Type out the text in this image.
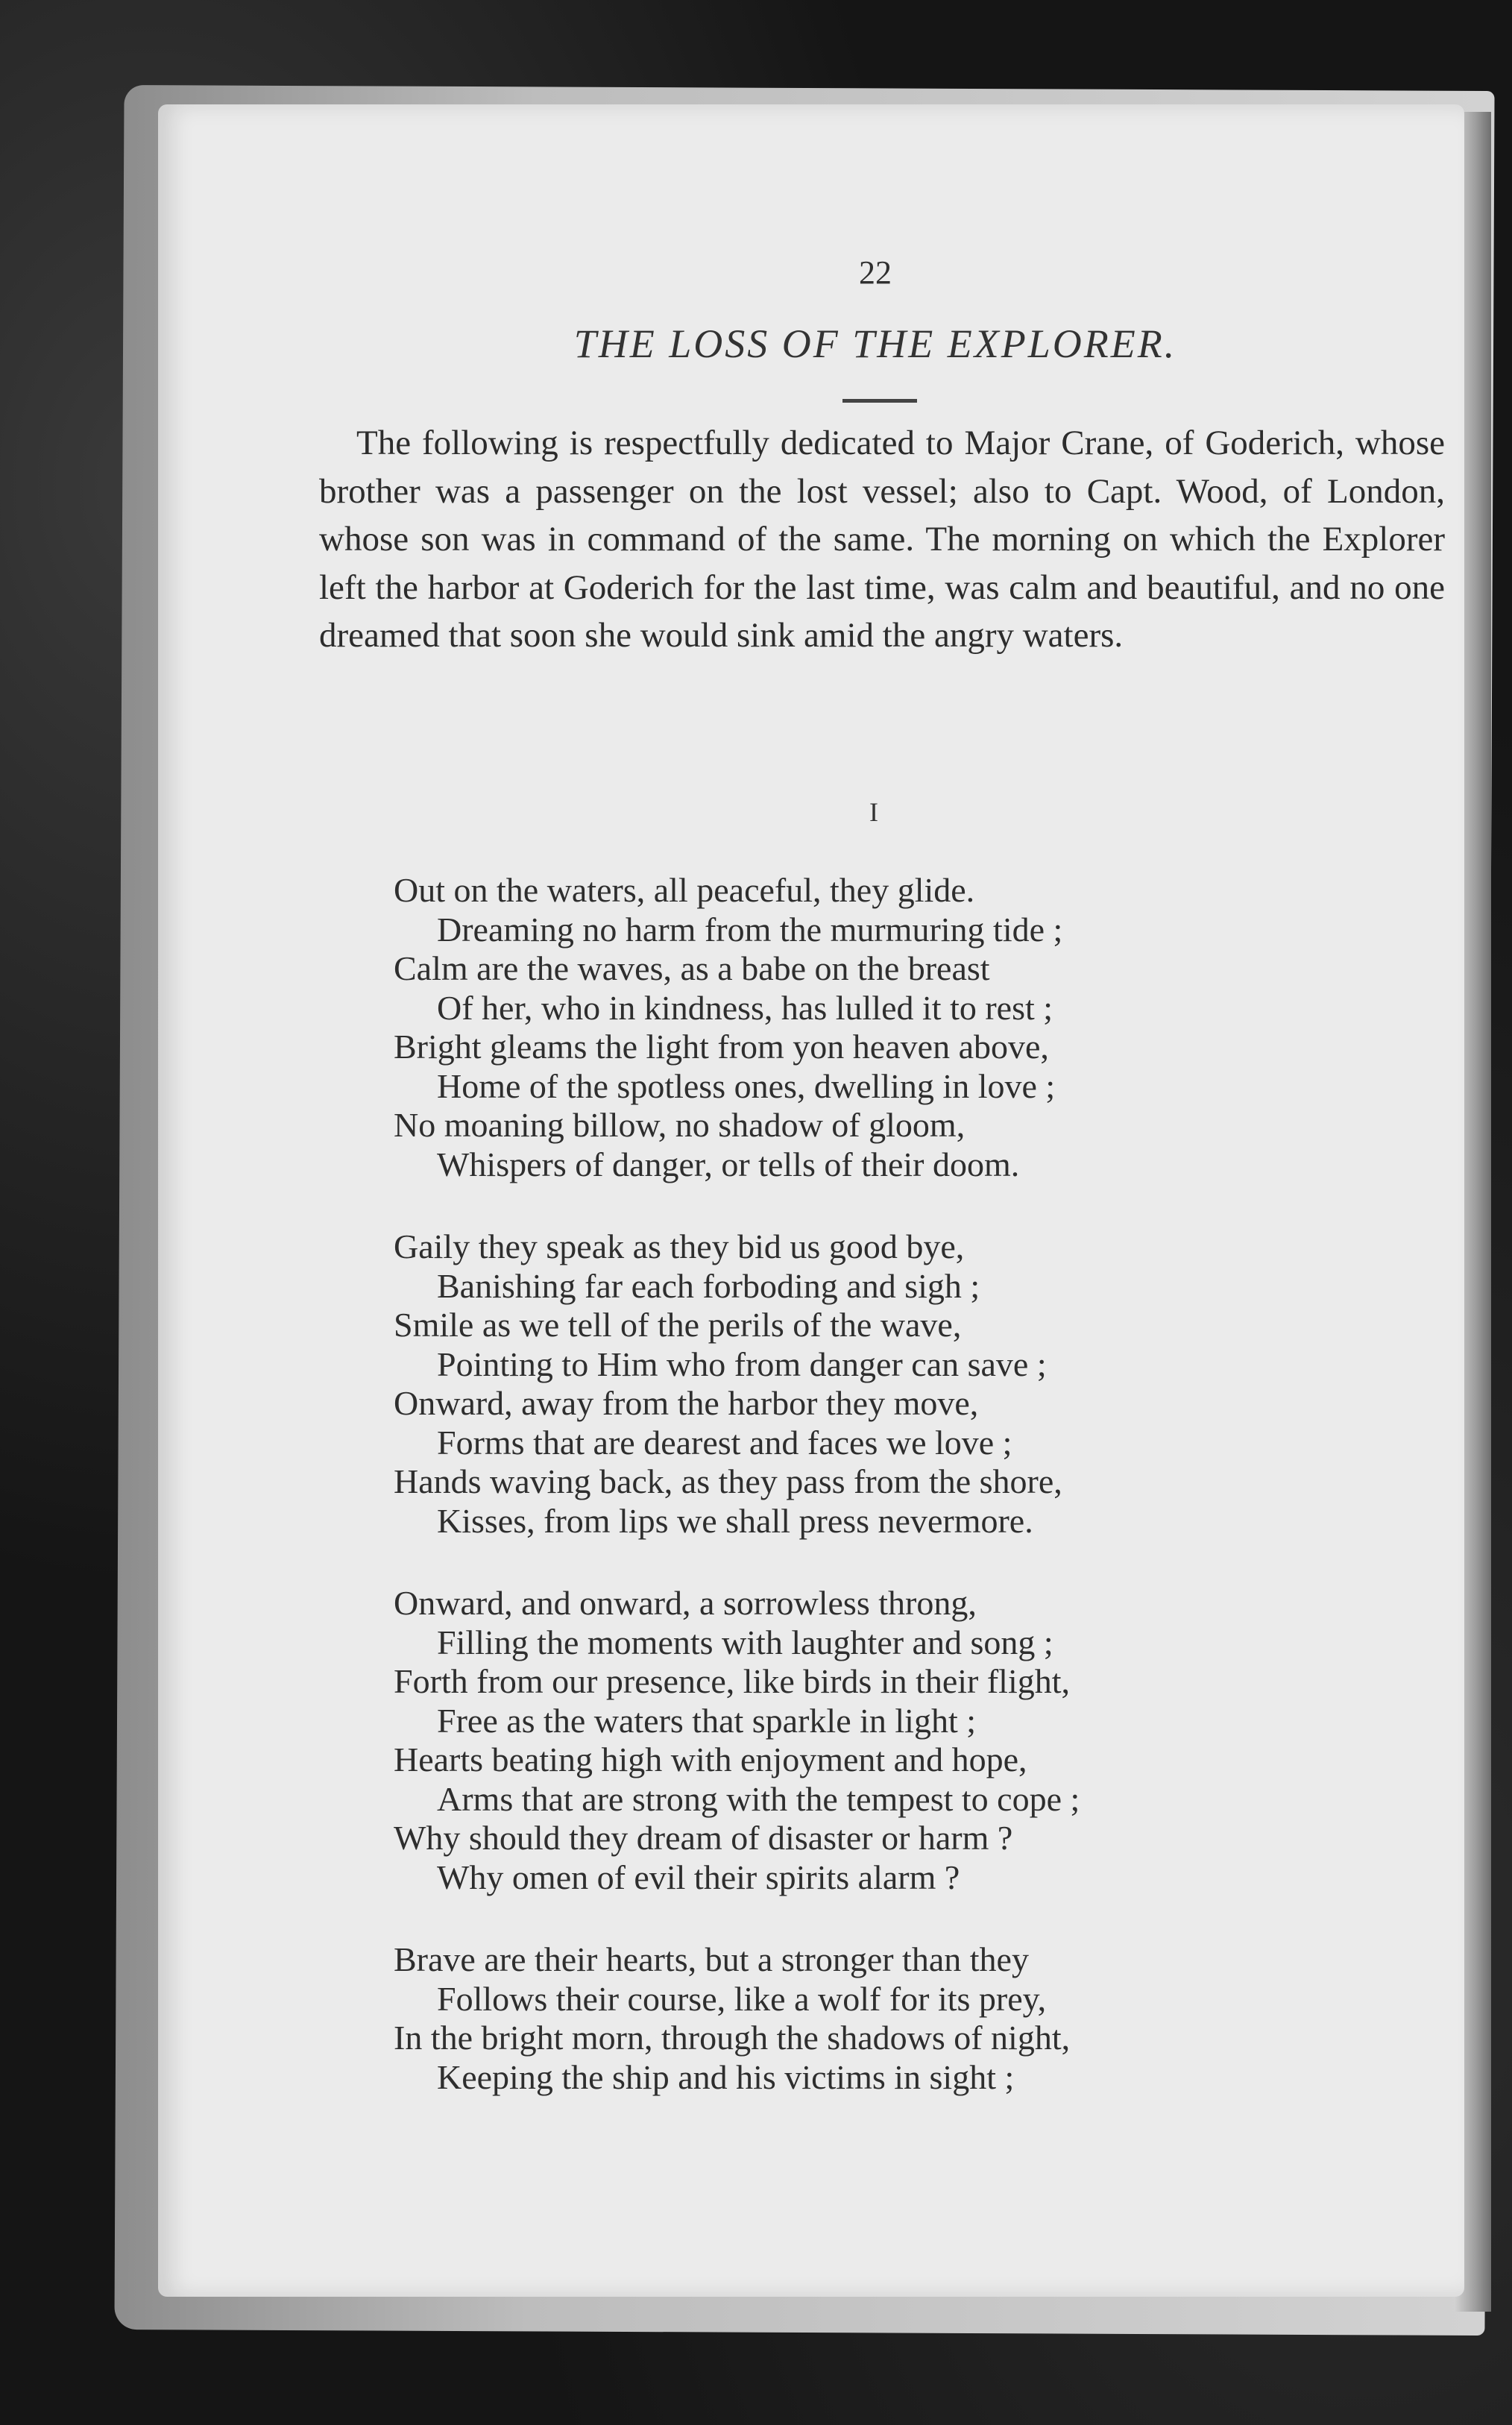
22
THE LOSS OF THE EXPLORER.

The following is respectfully dedicated to Major Crane, of Goderich, whose brother was a passenger on the lost vessel; also to Capt. Wood, of London, whose son was in command of the same. The morning on which the Explorer left the harbor at Goderich for the last time, was calm and beautiful, and no one dreamed that soon she would sink amid the angry waters.

I
Out on the waters, all peaceful, they glide.
Dreaming no harm from the murmuring tide ;
Calm are the waves, as a babe on the breast
Of her, who in kindness, has lulled it to rest ;
Bright gleams the light from yon heaven above,
Home of the spotless ones, dwelling in love ;
No moaning billow, no shadow of gloom,
Whispers of danger, or tells of their doom.
Gaily they speak as they bid us good bye,
Banishing far each forboding and sigh ;
Smile as we tell of the perils of the wave,
Pointing to Him who from danger can save ;
Onward, away from the harbor they move,
Forms that are dearest and faces we love ;
Hands waving back, as they pass from the shore,
Kisses, from lips we shall press nevermore.
Onward, and onward, a sorrowless throng,
Filling the moments with laughter and song ;
Forth from our presence, like birds in their flight,
Free as the waters that sparkle in light ;
Hearts beating high with enjoyment and hope,
Arms that are strong with the tempest to cope ;
Why should they dream of disaster or harm ?
Why omen of evil their spirits alarm ?
Brave are their hearts, but a stronger than they
Follows their course, like a wolf for its prey,
In the bright morn, through the shadows of night,
Keeping the ship and his victims in sight ;
